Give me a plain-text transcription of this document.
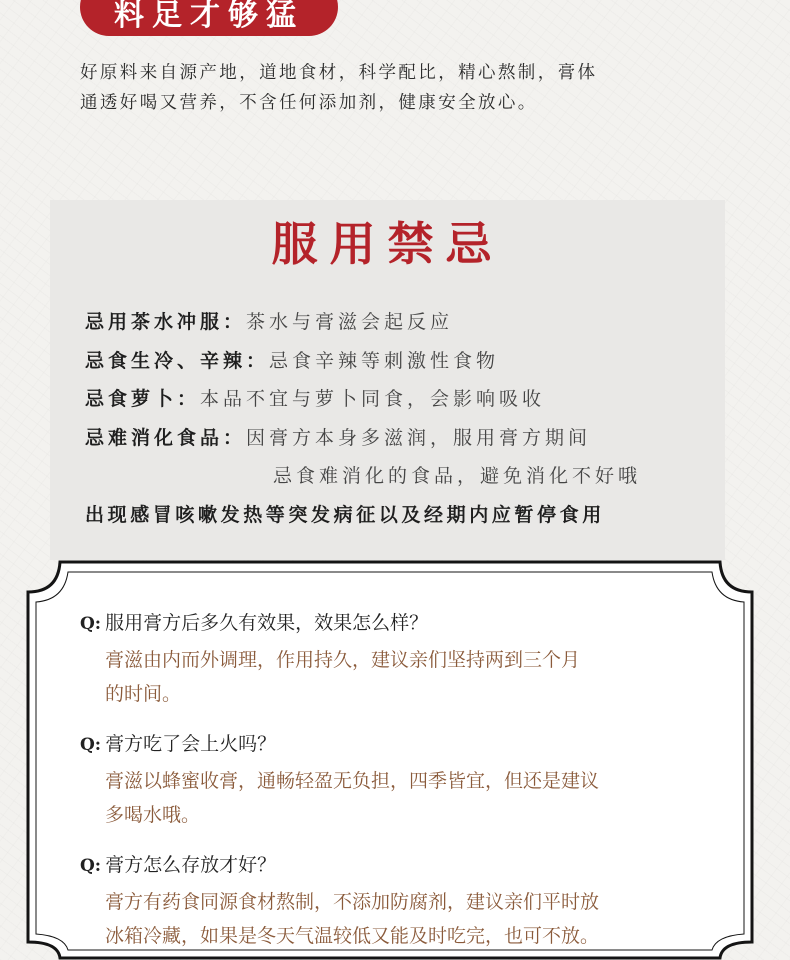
料足才够猛

好原料来自源产地，道地食材，科学配比，精心熬制，膏体

通透好喝又营养，不含任何添加剂，健康安全放心。

服用禁忌
忌用茶水冲服： 茶水与膏滋会起反应
忌食生冷、辛辣： 忌食辛辣等刺激性食物
忌食萝卜： 本品不宜与萝卜同食，会影响吸收
忌难消化食品： 因膏方本身多滋润，服用膏方期间
忌食难消化的食品，避免消化不好哦
出现感冒咳嗽发热等突发病征以及经期内应暂停食用
Q: 服用膏方后多久有效果，效果怎么样？

膏滋由内而外调理，作用持久，建议亲们坚持两到三个月

的时间。

Q: 膏方吃了会上火吗？

膏滋以蜂蜜收膏，通畅轻盈无负担，四季皆宜，但还是建议

多喝水哦。

Q: 膏方怎么存放才好？

膏方有药食同源食材熬制，不添加防腐剂，建议亲们平时放

冰箱冷藏，如果是冬天气温较低又能及时吃完，也可不放。
